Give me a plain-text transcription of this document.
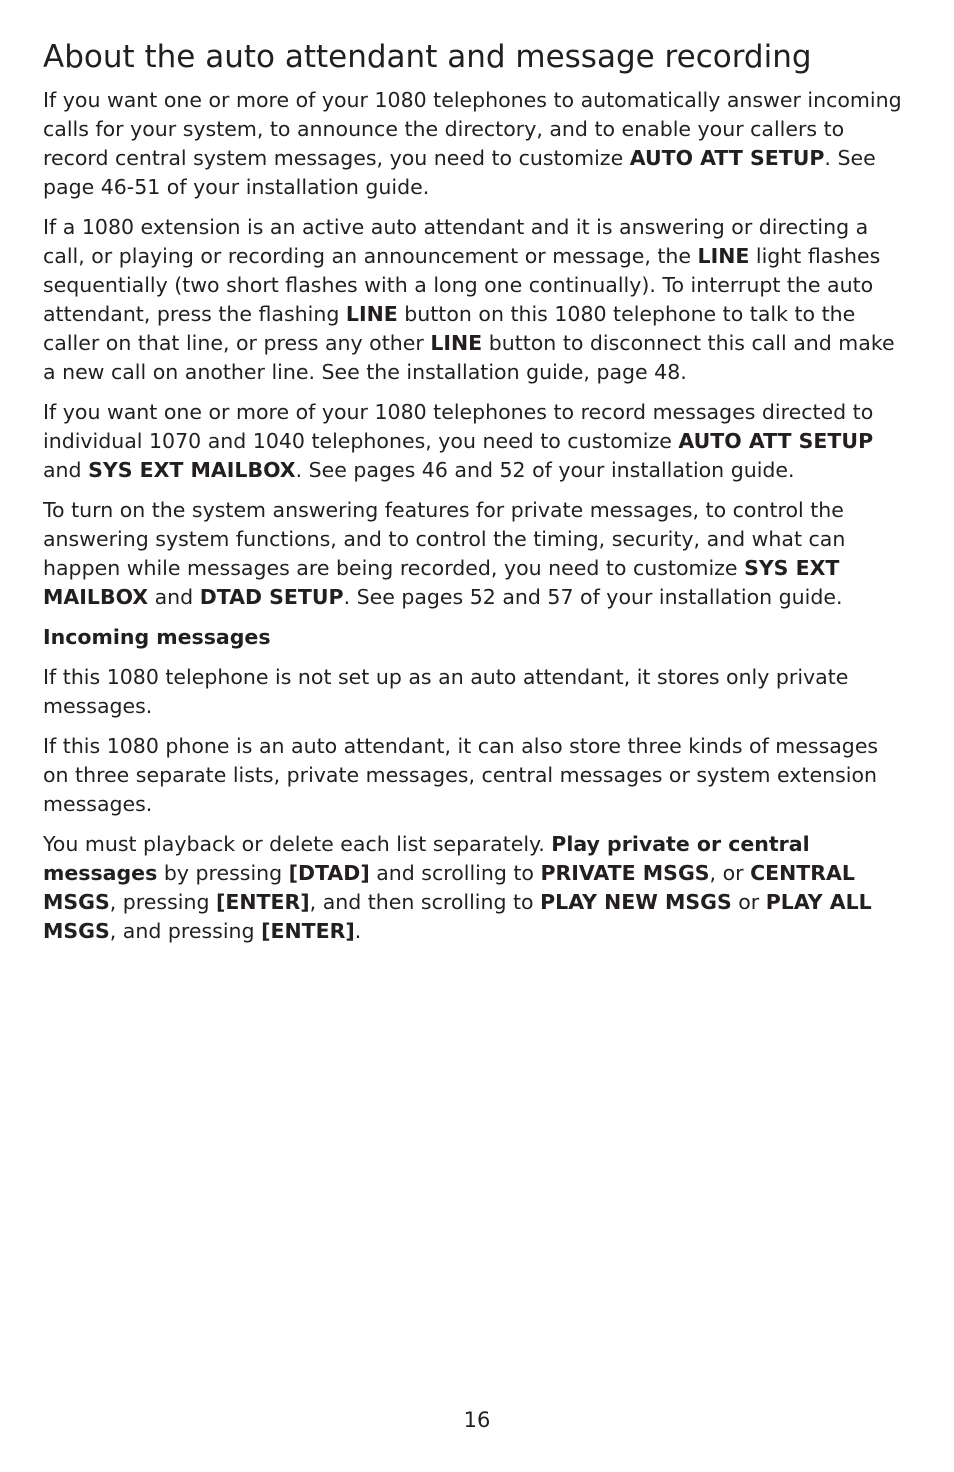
About the auto attendant and message recording

If you want one or more of your 1080 telephones to automatically answer incoming calls for your system, to announce the directory, and to enable your callers to record central system messages, you need to customize AUTO ATT SETUP. See page 46-51 of your installation guide.

If a 1080 extension is an active auto attendant and it is answering or directing a call, or playing or recording an announcement or message, the LINE light flashes sequentially (two short flashes with a long one continually). To interrupt the auto attendant, press the flashing LINE button on this 1080 telephone to talk to the caller on that line, or press any other LINE button to disconnect this call and make a new call on another line. See the installation guide, page 48.

If you want one or more of your 1080 telephones to record messages directed to individual 1070 and 1040 telephones, you need to customize AUTO ATT SETUP and SYS EXT MAILBOX. See pages 46 and 52 of your installation guide.

To turn on the system answering features for private messages, to control the answering system functions, and to control the timing, security, and what can happen while messages are being recorded, you need to customize SYS EXT MAILBOX and DTAD SETUP. See pages 52 and 57 of your installation guide.

Incoming messages

If this 1080 telephone is not set up as an auto attendant, it stores only private messages.

If this 1080 phone is an auto attendant, it can also store three kinds of messages on three separate lists, private messages, central messages or system extension messages.

You must playback or delete each list separately. Play private or central messages by pressing [DTAD] and scrolling to PRIVATE MSGS, or CENTRAL MSGS, pressing [ENTER], and then scrolling to PLAY NEW MSGS or PLAY ALL MSGS, and pressing [ENTER].

16
